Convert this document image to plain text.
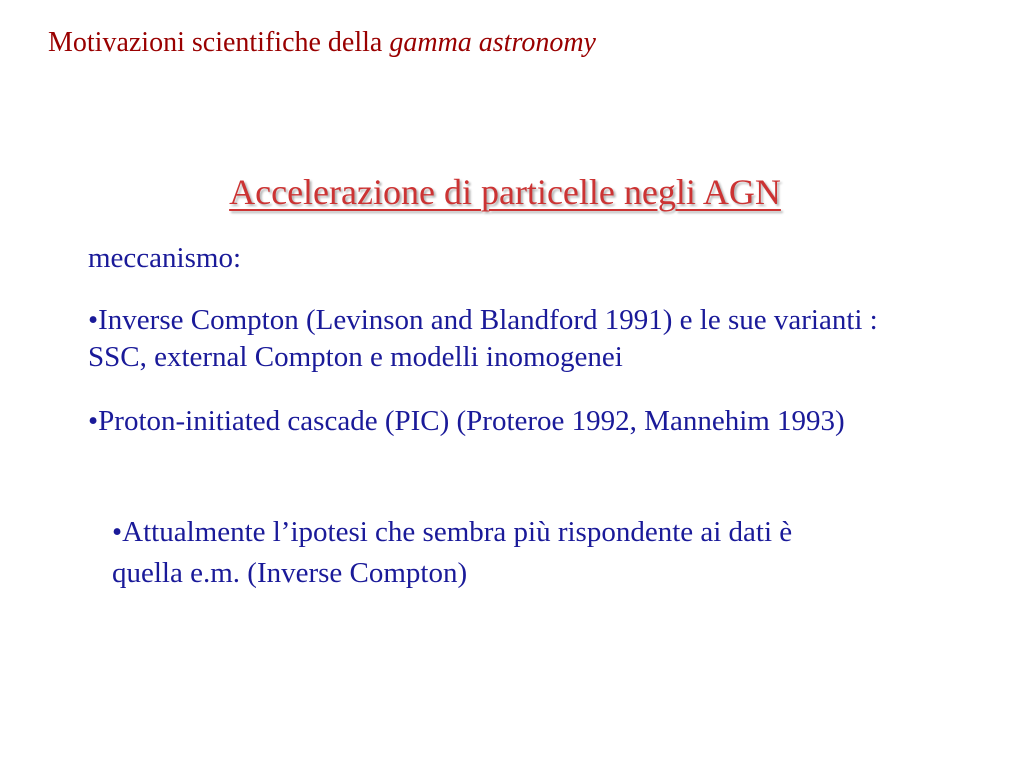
Motivazioni scientifiche della gamma astronomy
Accelerazione di particelle negli AGN
meccanismo:
•Inverse Compton (Levinson and Blandford 1991) e le sue varianti : SSC, external Compton e modelli inomogenei
•Proton-initiated cascade (PIC) (Proteroe 1992, Mannehim 1993)
•Attualmente l’ipotesi che sembra più rispondente ai dati è quella e.m. (Inverse Compton)
